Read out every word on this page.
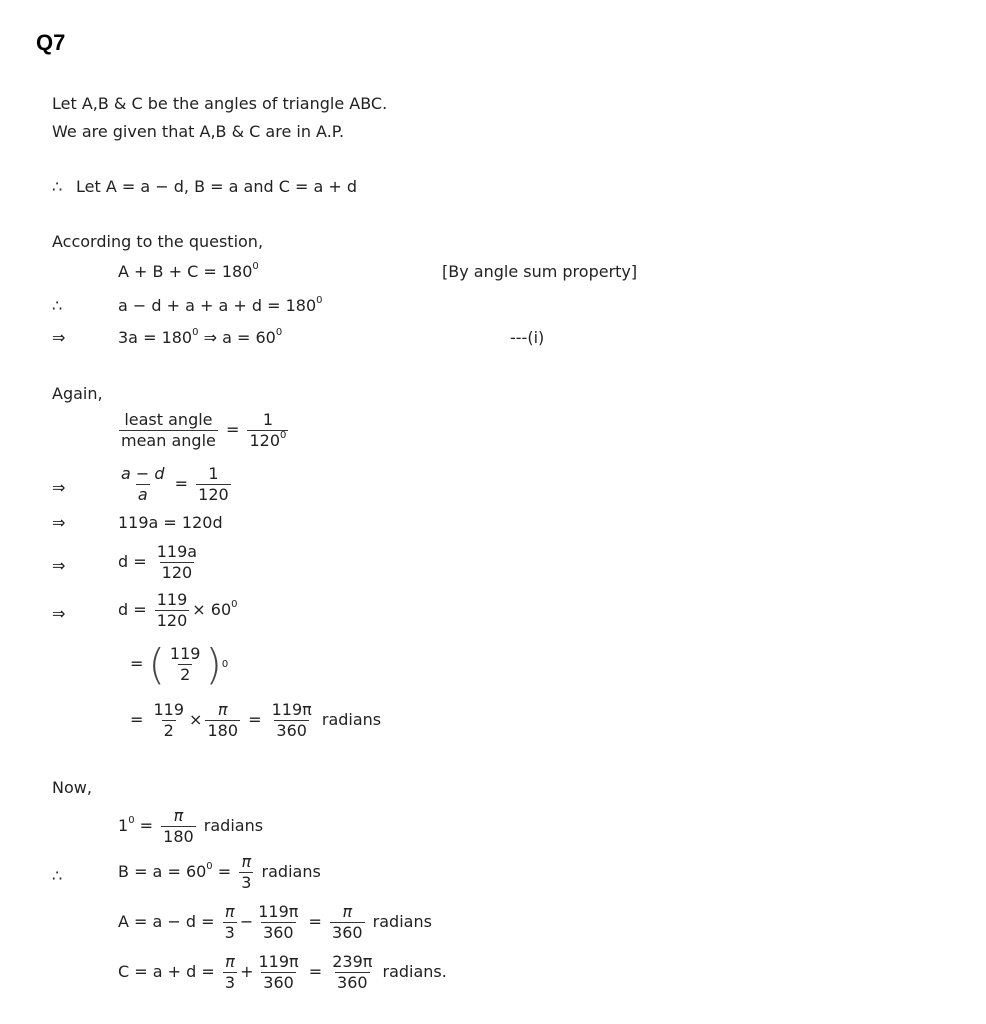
Q7
Let A,B & C be the angles of triangle ABC.
We are given that A,B & C are in A.P.
∴ Let A = a − d, B = a and C = a + d
According to the question,
$A + B + C = 180^0$	[By angle sum property]
∴	$a - d + a + a + d = 180^0$
⇒	$3a = 180^0$ ⇒ $a = 60^0$	---(i)
Again,
least angle
mean angle
= $\frac{1}{120^0}$
⇒	$\frac{a - d}{a} = \frac{1}{120}$
⇒	119a = 120d
⇒	$d = \frac{119a}{120}$
⇒	$d = \frac{119}{120} \times 60^0$
= ( 119
2 ) 0
= $\frac{119}{2} \times \frac{\pi}{180} = \frac{119\pi}{360}$ radians
Now,
$1^0 = \frac{\pi}{180}$ radians
∴	$B = a = 60^0 = \frac{\pi}{3}$ radians
$A = a - d = \frac{\pi}{3} - \frac{119\pi}{360} = \frac{\pi}{360}$ radians
$C = a + d = \frac{\pi}{3} + \frac{119\pi}{360} = \frac{239\pi}{360}$ radians.
